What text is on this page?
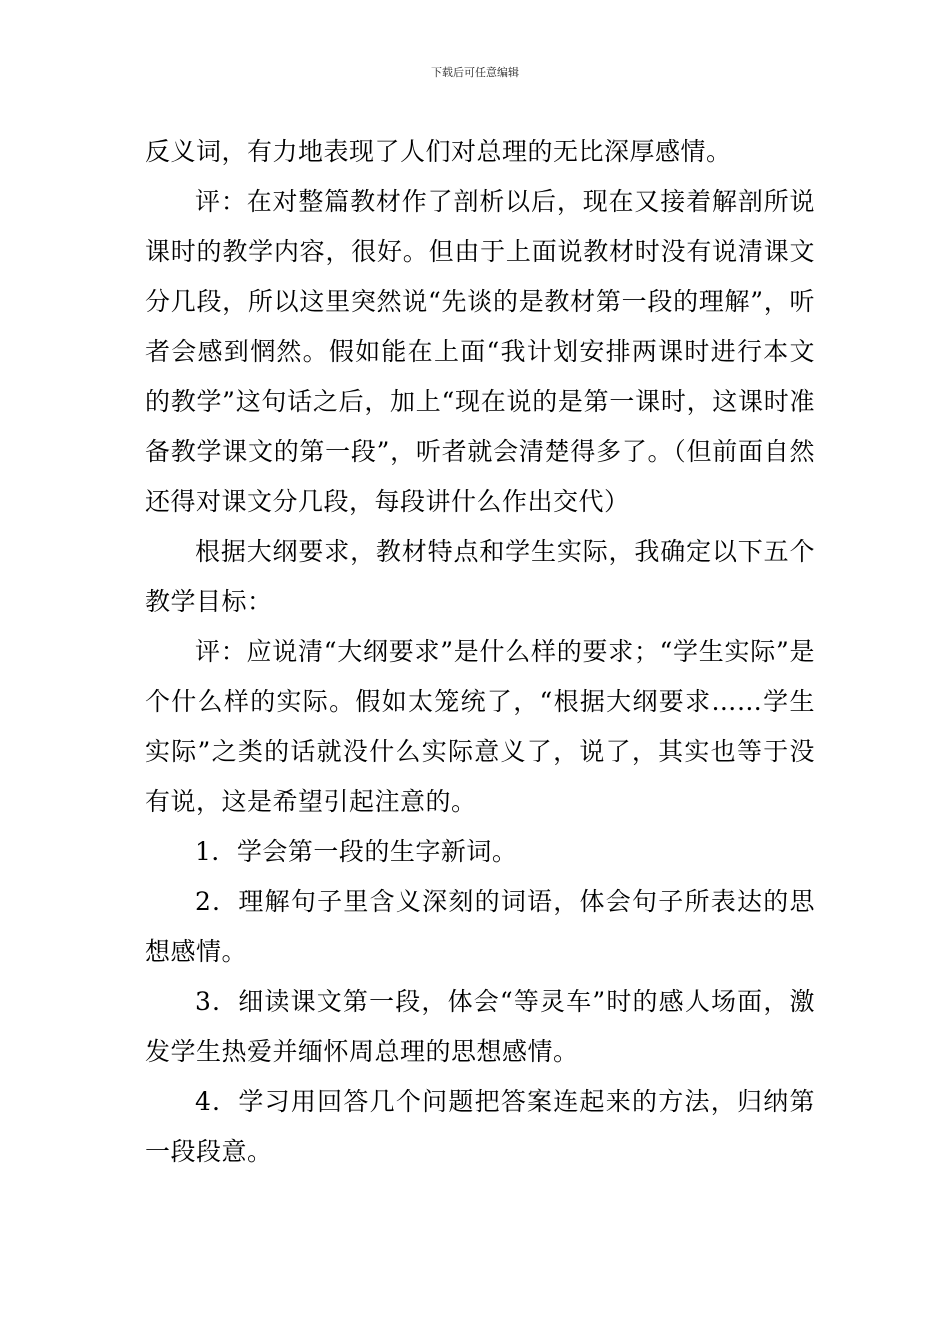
下载后可任意编辑

反义词，有力地表现了人们对总理的无比深厚感情。

评：在对整篇教材作了剖析以后，现在又接着解剖所说课时的教学内容，很好。但由于上面说教材时没有说清课文分几段，所以这里突然说“先谈的是教材第一段的理解”，听者会感到惘然。假如能在上面“我计划安排两课时进行本文的教学”这句话之后，加上“现在说的是第一课时，这课时准备教学课文的第一段”，听者就会清楚得多了。（但前面自然还得对课文分几段，每段讲什么作出交代）

根据大纲要求，教材特点和学生实际，我确定以下五个教学目标：

评：应说清“大纲要求”是什么样的要求；“学生实际”是个什么样的实际。假如太笼统了，“根据大纲要求……学生实际”之类的话就没什么实际意义了，说了，其实也等于没有说，这是希望引起注意的。

1．学会第一段的生字新词。

2．理解句子里含义深刻的词语，体会句子所表达的思想感情。

3．细读课文第一段，体会“等灵车”时的感人场面，激发学生热爱并缅怀周总理的思想感情。

4．学习用回答几个问题把答案连起来的方法，归纳第一段段意。
